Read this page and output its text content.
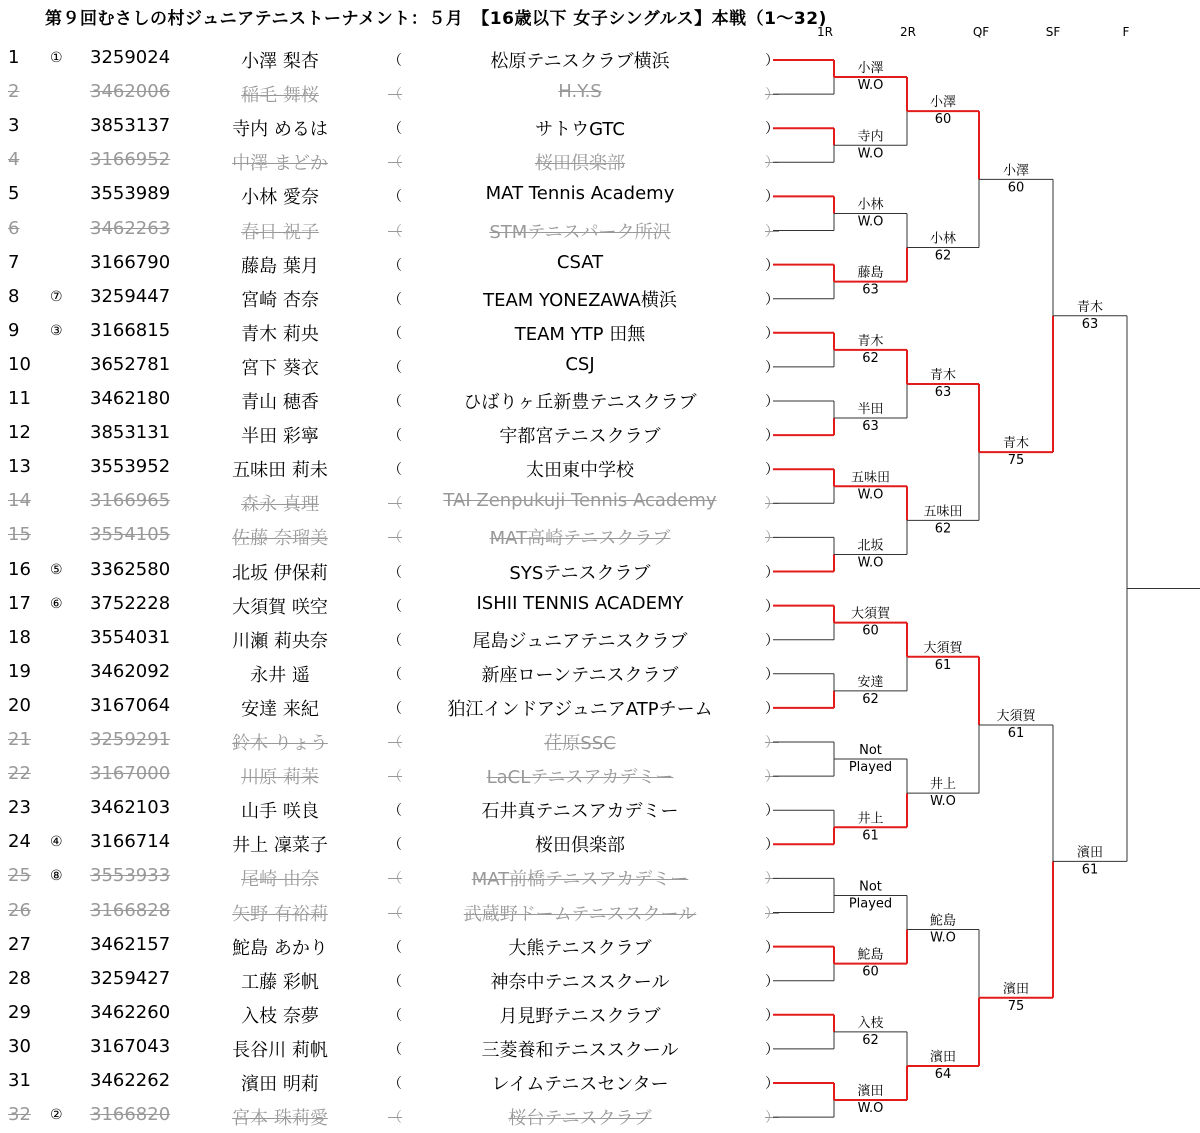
第９回むさしの村ジュニアテニストーナメント：５月　【16歳以下 女子シングルス】本戦（1〜32)
1R	2R	QF	SF	F
1 ① 3259024	小澤 梨杏	（	松原テニスクラブ横浜	）
2	3462006	稲毛 舞桜	（	H.Y.S	）
3	3853137	寺内 めるは	（	サトウGTC	）
4	3166952	中澤 まどか	（	桜田倶楽部	）
5	3553989	小林 愛奈	（	MAT Tennis Academy	）
6	3462263	春日 祝子	（	STMテニスパーク所沢	）
7	3166790	藤島 葉月	（	CSAT	）
8 ⑦ 3259447	宮崎 杏奈	（	TEAM YONEZAWA横浜	）
9 ③ 3166815	青木 莉央	（	TEAM YTP 田無	）
10	3652781	宮下 葵衣	（	CSJ	）
11	3462180	青山 穂香	（	ひばりヶ丘新豊テニスクラブ	）
12	3853131	半田 彩寧	（	宇都宮テニスクラブ	）
13	3553952	五味田 莉未	（	太田東中学校	）
14	3166965	森永 真理	（	TAI Zenpukuji Tennis Academy	）
15	3554105	佐藤 奈瑠美	（	MAT高崎テニスクラブ	）
16 ⑤ 3362580	北坂 伊保莉	（	SYSテニスクラブ	）
17 ⑥ 3752228	大須賀 咲空	（	ISHII TENNIS ACADEMY	）
18	3554031	川瀬 莉央奈	（	尾島ジュニアテニスクラブ	）
19	3462092	永井 遥	（	新座ローンテニスクラブ	）
20	3167064	安達 来紀	（	狛江インドアジュニアATPチーム	）
21	3259291	鈴木 りょう	（	荏原SSC	）
22	3167000	川原 莉茉	（	LaCLテニスアカデミー	）
23	3462103	山手 咲良	（	石井真テニスアカデミー	）
24 ④ 3166714	井上 凜菜子	（	桜田倶楽部	）
25 ⑧ 3553933	尾崎 由奈	（	MAT前橋テニスアカデミー	）
26	3166828	矢野 有裕莉	（	武蔵野ドームテニススクール	）
27	3462157	鮀島 あかり	（	大熊テニスクラブ	）
28	3259427	工藤 彩帆	（	神奈中テニススクール	）
29	3462260	入枝 奈夢	（	月見野テニスクラブ	）
30	3167043	長谷川 莉帆	（	三菱養和テニススクール	）
31	3462262	濱田 明莉	（	レイムテニスセンター	）
32 ② 3166820	宮本 珠莉愛	（	桜台テニスクラブ	）
小澤
W.O
寺内
W.O
小林
W.O
藤島
63
青木
62
半田
63
五味田
W.O
北坂
W.O
大須賀
60
安達
62
Not
Played
井上
61
Not
Played
鮀島
60
入枝
62
濱田
W.O
小澤
60
小林
62
青木
63
五味田
62
大須賀
61
井上
W.O
鮀島
W.O
濱田
64
小澤
60
青木
75
大須賀
61
濱田
75
青木
63
濱田
61
